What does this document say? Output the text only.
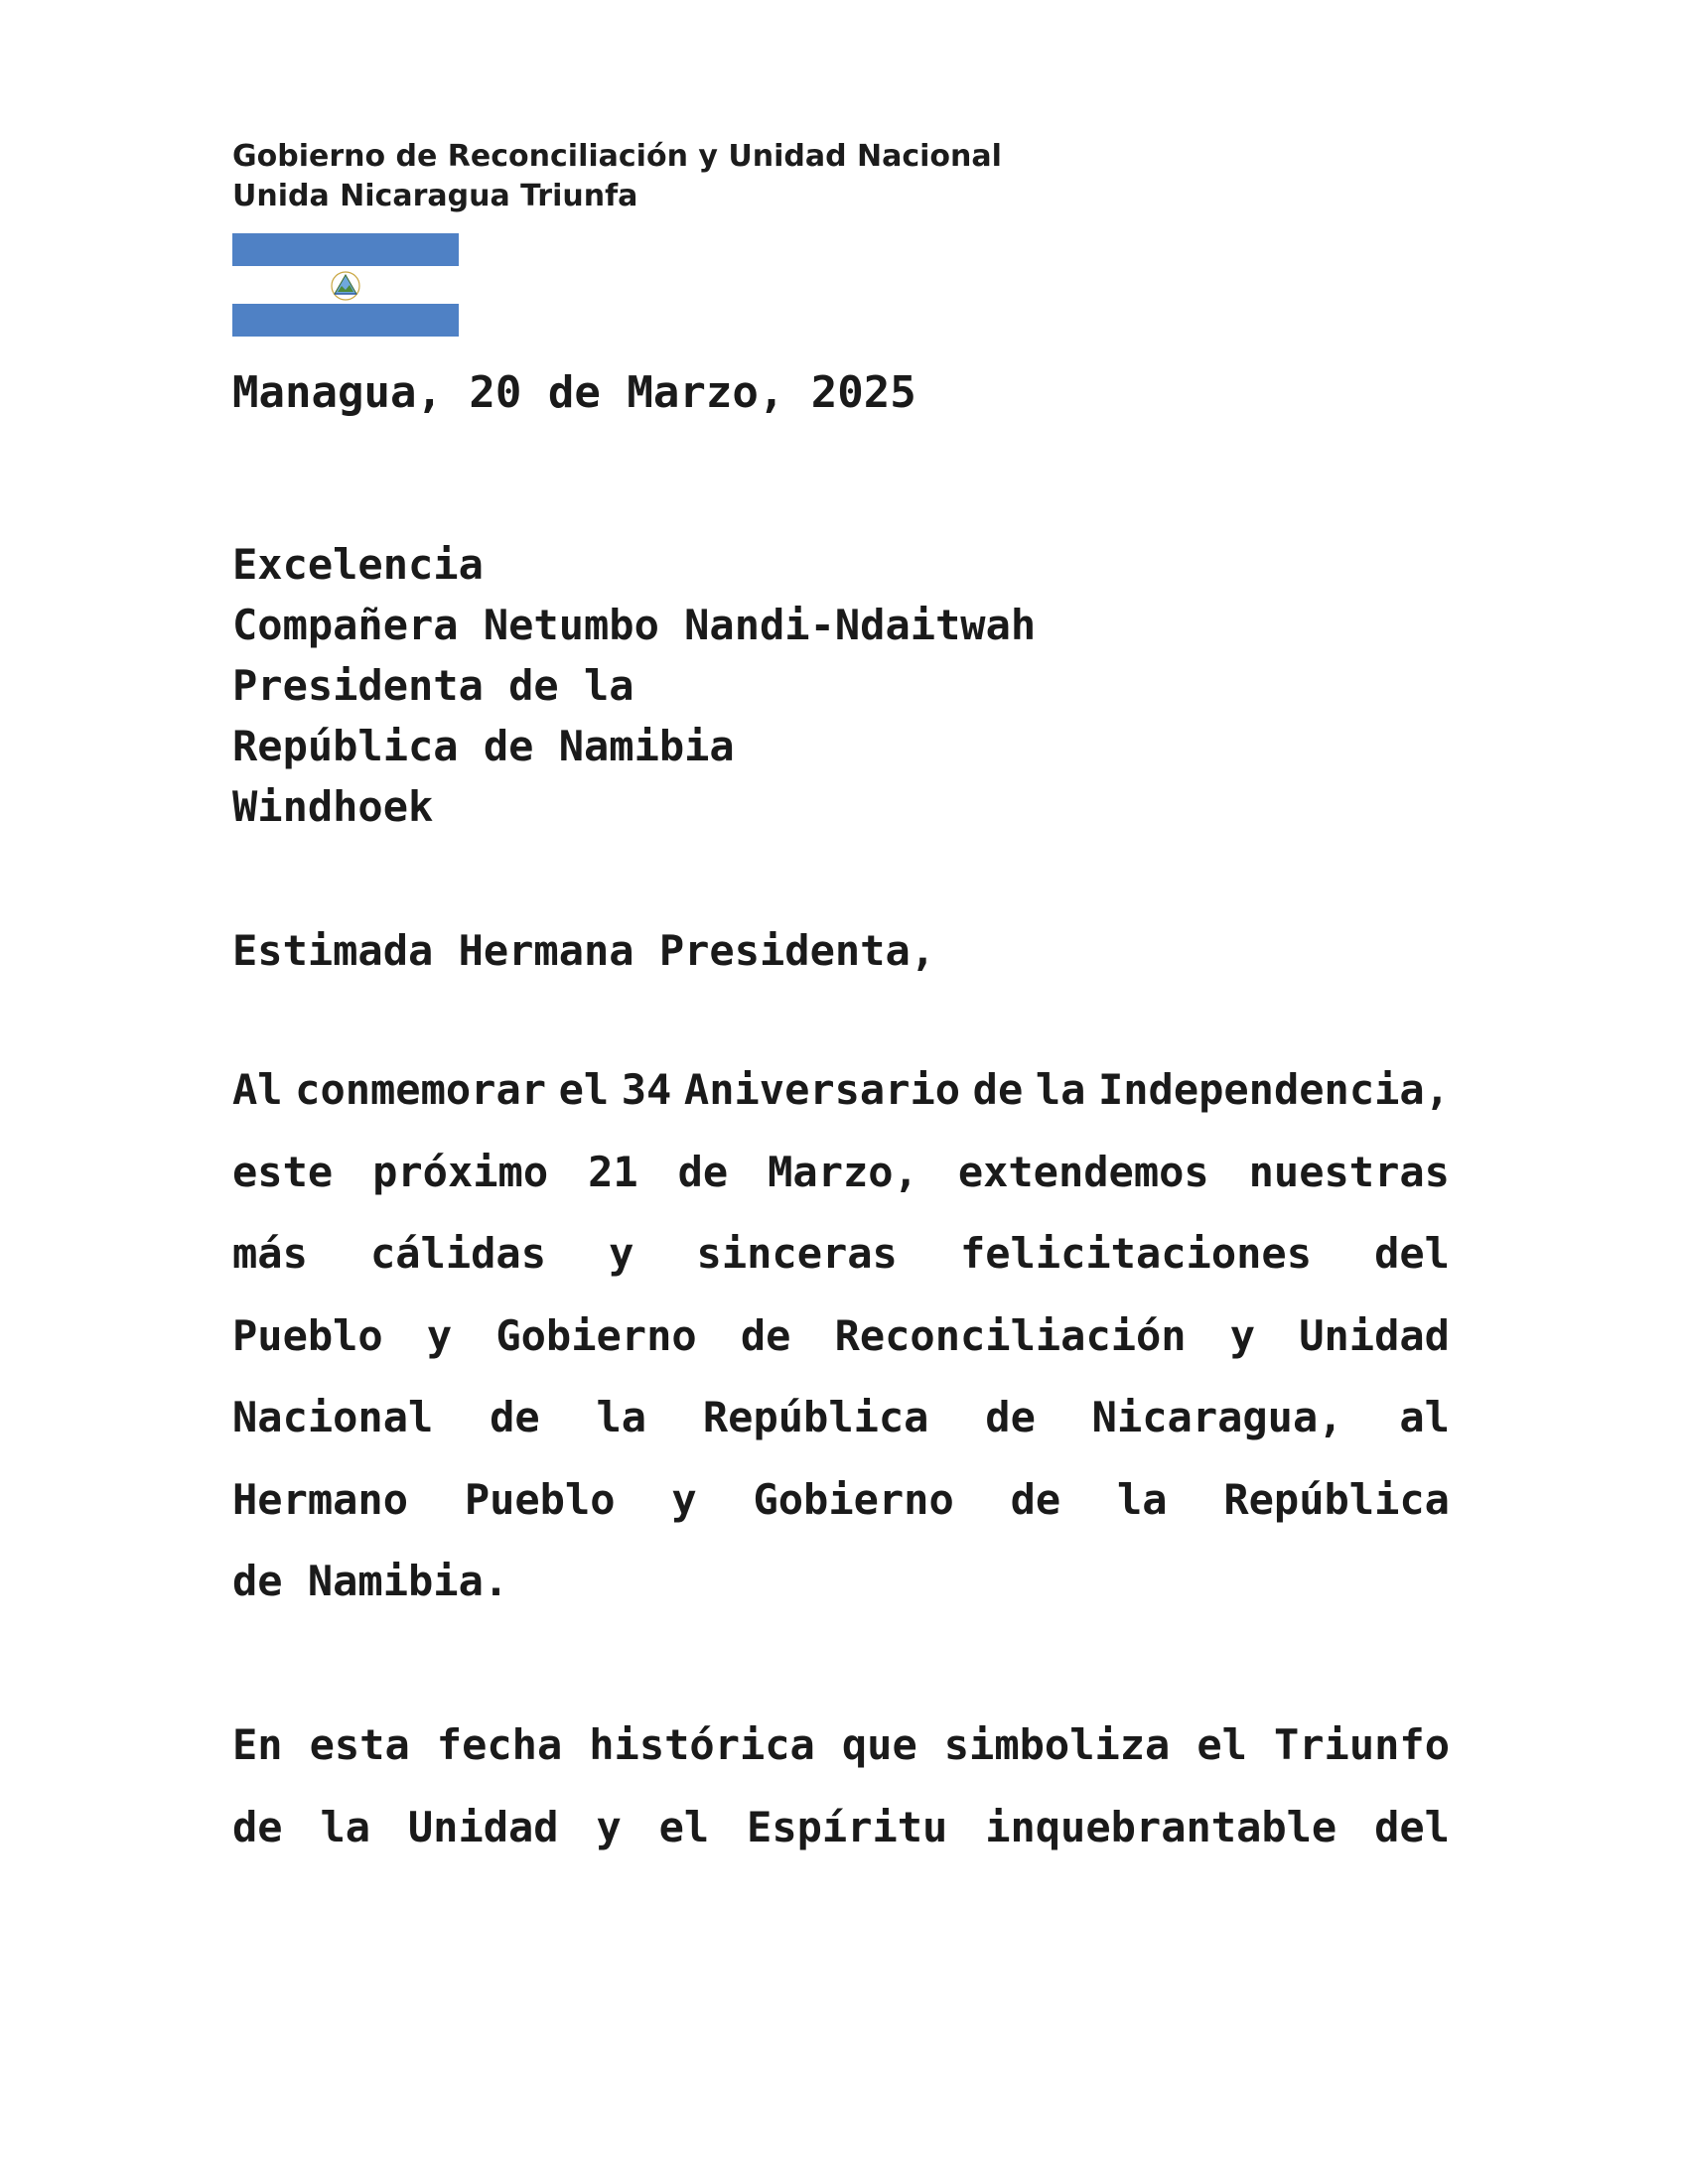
Gobierno de Reconciliación y Unidad Nacional
Unida Nicaragua Triunfa
Managua, 20 de Marzo, 2025
Excelencia
Compañera Netumbo Nandi-Ndaitwah
Presidenta de la
República de Namibia
Windhoek
Estimada Hermana Presidenta,
Al conmemorar el 34 Aniversario de la Independencia,
este próximo 21 de Marzo, extendemos nuestras
más cálidas y sinceras felicitaciones del
Pueblo y Gobierno de Reconciliación y Unidad
Nacional de la República de Nicaragua, al
Hermano Pueblo y Gobierno de la República
de Namibia.
En esta fecha histórica que simboliza el Triunfo
de la Unidad y el Espíritu inquebrantable del
